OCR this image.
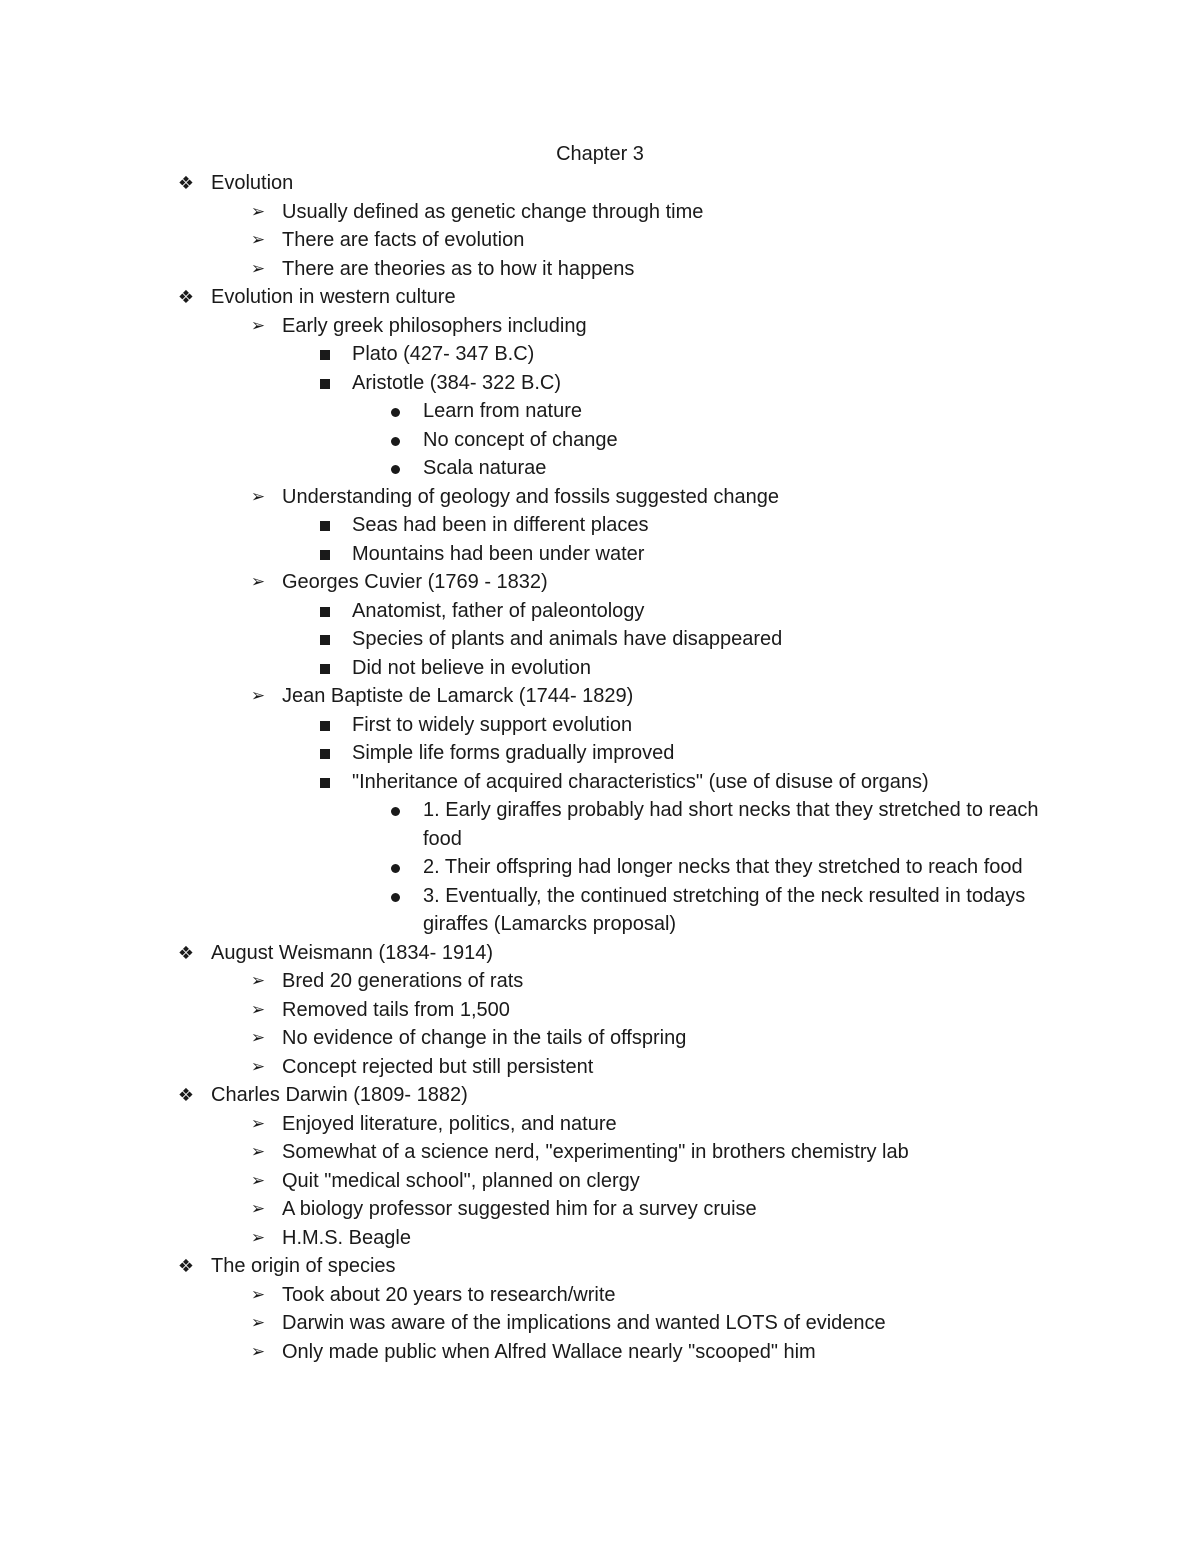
Chapter 3
❖ Evolution
➢ Usually defined as genetic change through time
➢ There are facts of evolution
➢ There are theories as to how it happens
❖ Evolution in western culture
➢ Early greek philosophers including
Plato (427- 347 B.C)
Aristotle (384- 322 B.C)
Learn from nature
No concept of change
Scala naturae
➢ Understanding of geology and fossils suggested change
Seas had been in different places
Mountains had been under water
➢ Georges Cuvier (1769 - 1832)
Anatomist, father of paleontology
Species of plants and animals have disappeared
Did not believe in evolution
➢ Jean Baptiste de Lamarck (1744- 1829)
First to widely support evolution
Simple life forms gradually improved
"Inheritance of acquired characteristics" (use of disuse of organs)
1. Early giraffes probably had short necks that they stretched to reach food
2. Their offspring had longer necks that they stretched to reach food
3. Eventually, the continued stretching of the neck resulted in todays giraffes (Lamarcks proposal)
❖ August Weismann (1834- 1914)
➢ Bred 20 generations of rats
➢ Removed tails from 1,500
➢ No evidence of change in the tails of offspring
➢ Concept rejected but still persistent
❖ Charles Darwin (1809- 1882)
➢ Enjoyed literature, politics, and nature
➢ Somewhat of a science nerd, "experimenting" in brothers chemistry lab
➢ Quit "medical school", planned on clergy
➢ A biology professor suggested him for a survey cruise
➢ H.M.S. Beagle
❖ The origin of species
➢ Took about 20 years to research/write
➢ Darwin was aware of the implications and wanted LOTS of evidence
➢ Only made public when Alfred Wallace nearly "scooped" him
